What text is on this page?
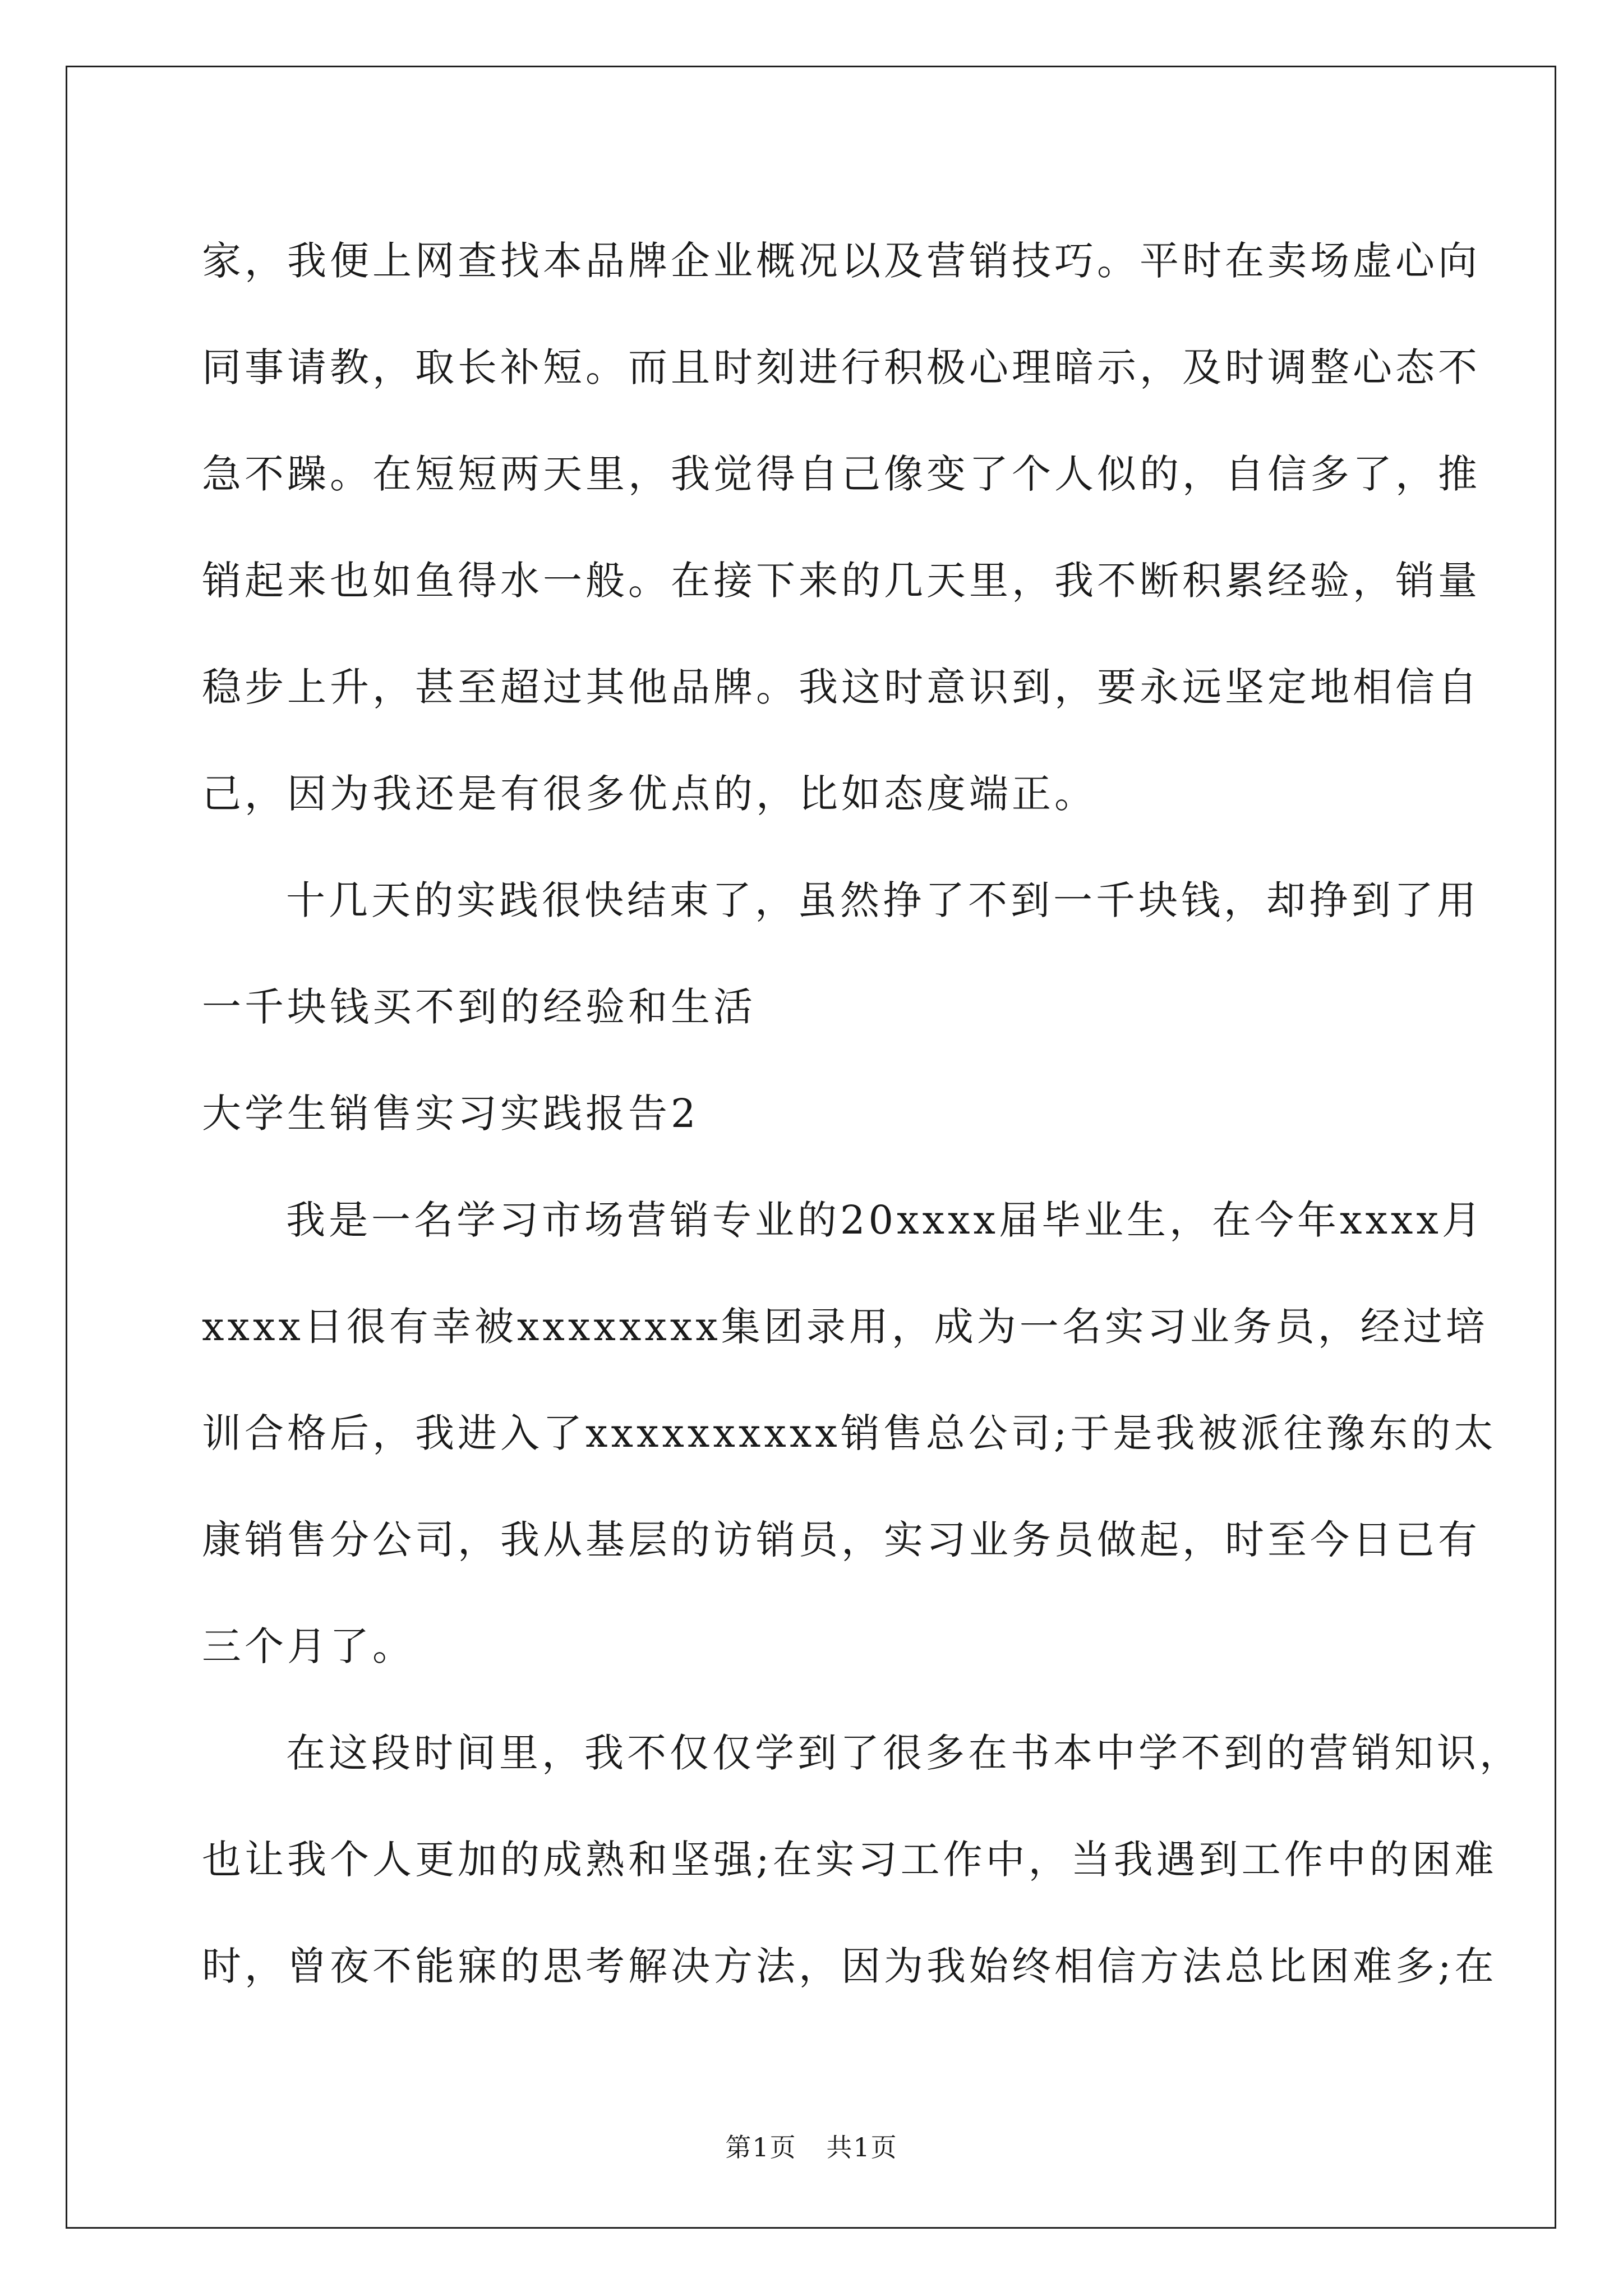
家，我便上网查找本品牌企业概况以及营销技巧。平时在卖场虚心向
同事请教，取长补短。而且时刻进行积极心理暗示，及时调整心态不
急不躁。在短短两天里，我觉得自己像变了个人似的，自信多了，推
销起来也如鱼得水一般。在接下来的几天里，我不断积累经验，销量
稳步上升，甚至超过其他品牌。我这时意识到，要永远坚定地相信自
己，因为我还是有很多优点的，比如态度端正。
十几天的实践很快结束了，虽然挣了不到一千块钱，却挣到了用
一千块钱买不到的经验和生活
大学生销售实习实践报告2
我是一名学习市场营销专业的20xxxx届毕业生，在今年xxxx月
xxxx日很有幸被xxxxxxxx集团录用，成为一名实习业务员，经过培
训合格后，我进入了xxxxxxxxxx销售总公司;于是我被派往豫东的太
康销售分公司，我从基层的访销员，实习业务员做起，时至今日已有
三个月了。
在这段时间里，我不仅仅学到了很多在书本中学不到的营销知识，
也让我个人更加的成熟和坚强;在实习工作中，当我遇到工作中的困难
时，曾夜不能寐的思考解决方法，因为我始终相信方法总比困难多;在
第1页 共1页
